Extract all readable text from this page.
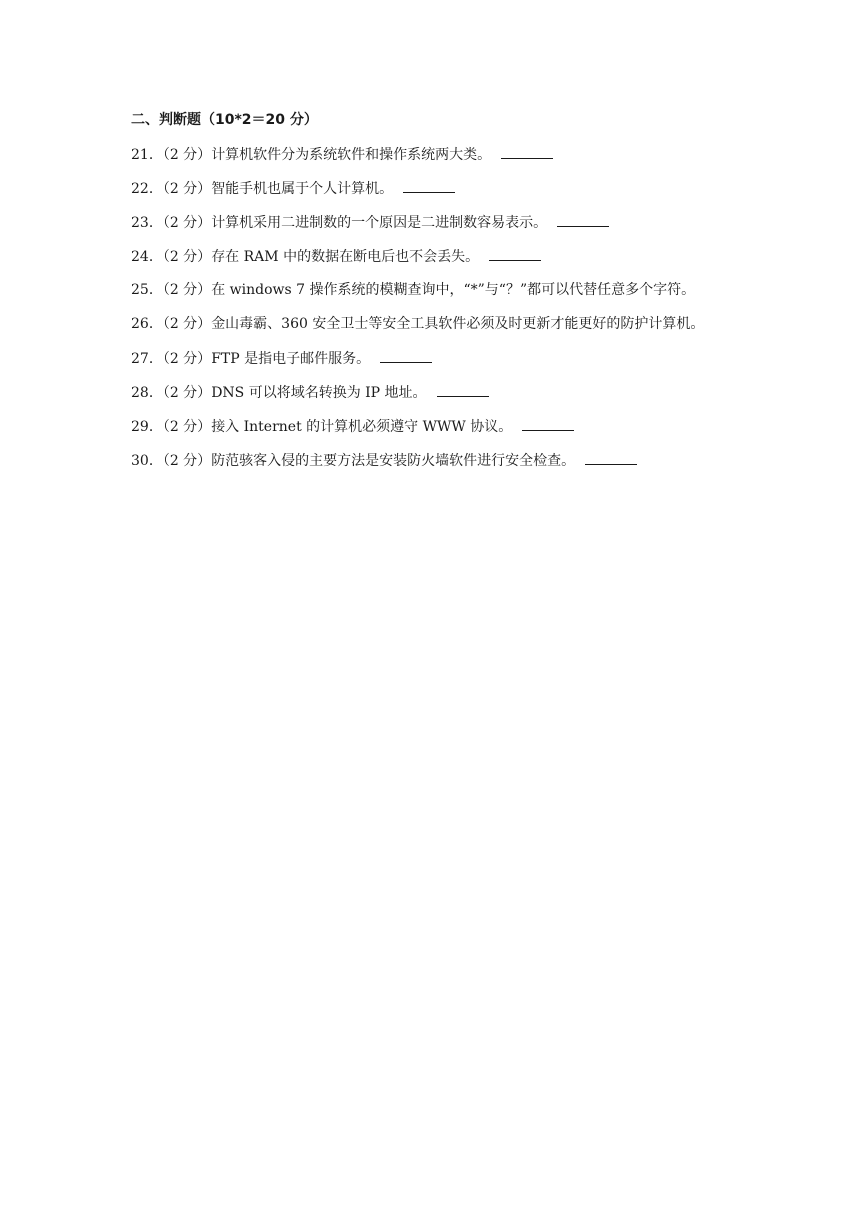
二、判断题（10*2＝20 分）
21．（2 分）计算机软件分为系统软件和操作系统两大类。
22．（2 分）智能手机也属于个人计算机。
23．（2 分）计算机采用二进制数的一个原因是二进制数容易表示。
24．（2 分）存在 RAM 中的数据在断电后也不会丢失。
25．（2 分）在 windows 7 操作系统的模糊查询中，“*”与“？”都可以代替任意多个字符。
26．（2 分）金山毒霸、360 安全卫士等安全工具软件必须及时更新才能更好的防护计算机。
27．（2 分）FTP 是指电子邮件服务。
28．（2 分）DNS 可以将域名转换为 IP 地址。
29．（2 分）接入 Internet 的计算机必须遵守 WWW 协议。
30．（2 分）防范骇客入侵的主要方法是安装防火墙软件进行安全检查。
